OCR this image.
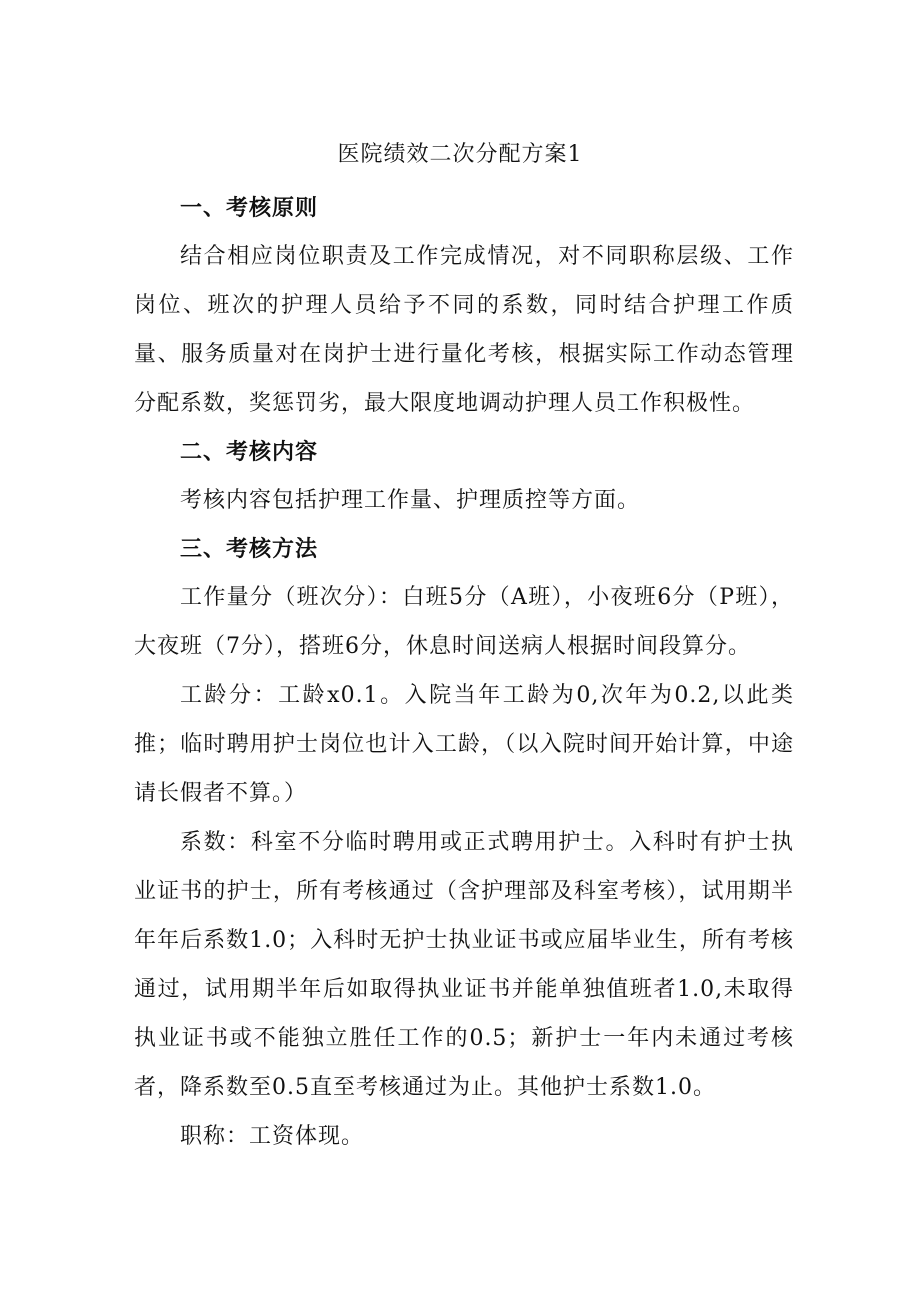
医院绩效二次分配方案1
一、考核原则

结合相应岗位职责及工作完成情况，对不同职称层级、工作岗位、班次的护理人员给予不同的系数，同时结合护理工作质量、服务质量对在岗护士进行量化考核，根据实际工作动态管理分配系数，奖惩罚劣，最大限度地调动护理人员工作积极性。

二、考核内容

考核内容包括护理工作量、护理质控等方面。

三、考核方法

工作量分（班次分）：白班5分（A班），小夜班6分（P班），大夜班（7分），搭班6分，休息时间送病人根据时间段算分。

工龄分：工龄x0.1。入院当年工龄为0,次年为0.2,以此类推；临时聘用护士岗位也计入工龄，（以入院时间开始计算，中途请长假者不算。）

系数：科室不分临时聘用或正式聘用护士。入科时有护士执业证书的护士，所有考核通过（含护理部及科室考核），试用期半年年后系数1.0；入科时无护士执业证书或应届毕业生，所有考核通过，试用期半年后如取得执业证书并能单独值班者1.0,未取得执业证书或不能独立胜任工作的0.5；新护士一年内未通过考核者，降系数至0.5直至考核通过为止。其他护士系数1.0。

职称：工资体现。
